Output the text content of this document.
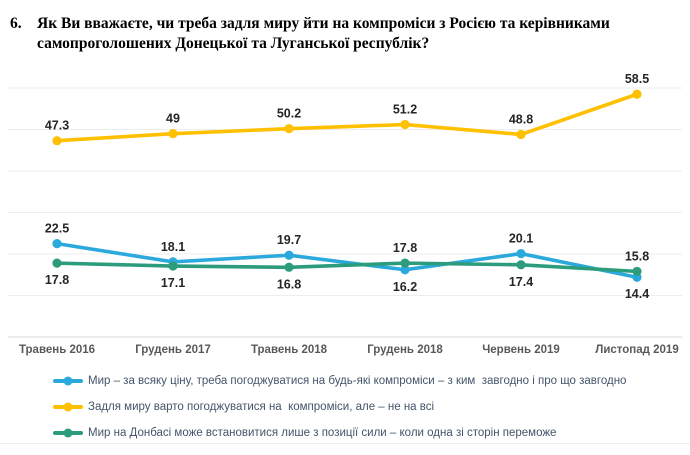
6. Як Ви вважаєте, чи треба задля миру йти на компроміси з Росією та керівниками самопроголошених Донецької та Луганської республік?
22.5
18.1	19.7
16.2
20.1
14.4
47.3
49	50.2	51.2
48.8
58.5
17.8	17.1	16.8
17.8
17.4
15.8
Травень 2016	Грудень 2017	Травень 2018	Грудень 2018	Червень 2019	Листопад 2019
Мир – за всяку ціну, треба погоджуватися на будь-які компроміси – з ким  завгодно і про що завгодно
Задля миру варто погоджуватися на  компроміси, але – не на всі
Мир на Донбасі може встановитися лише з позиції сили – коли одна зі сторін переможе
